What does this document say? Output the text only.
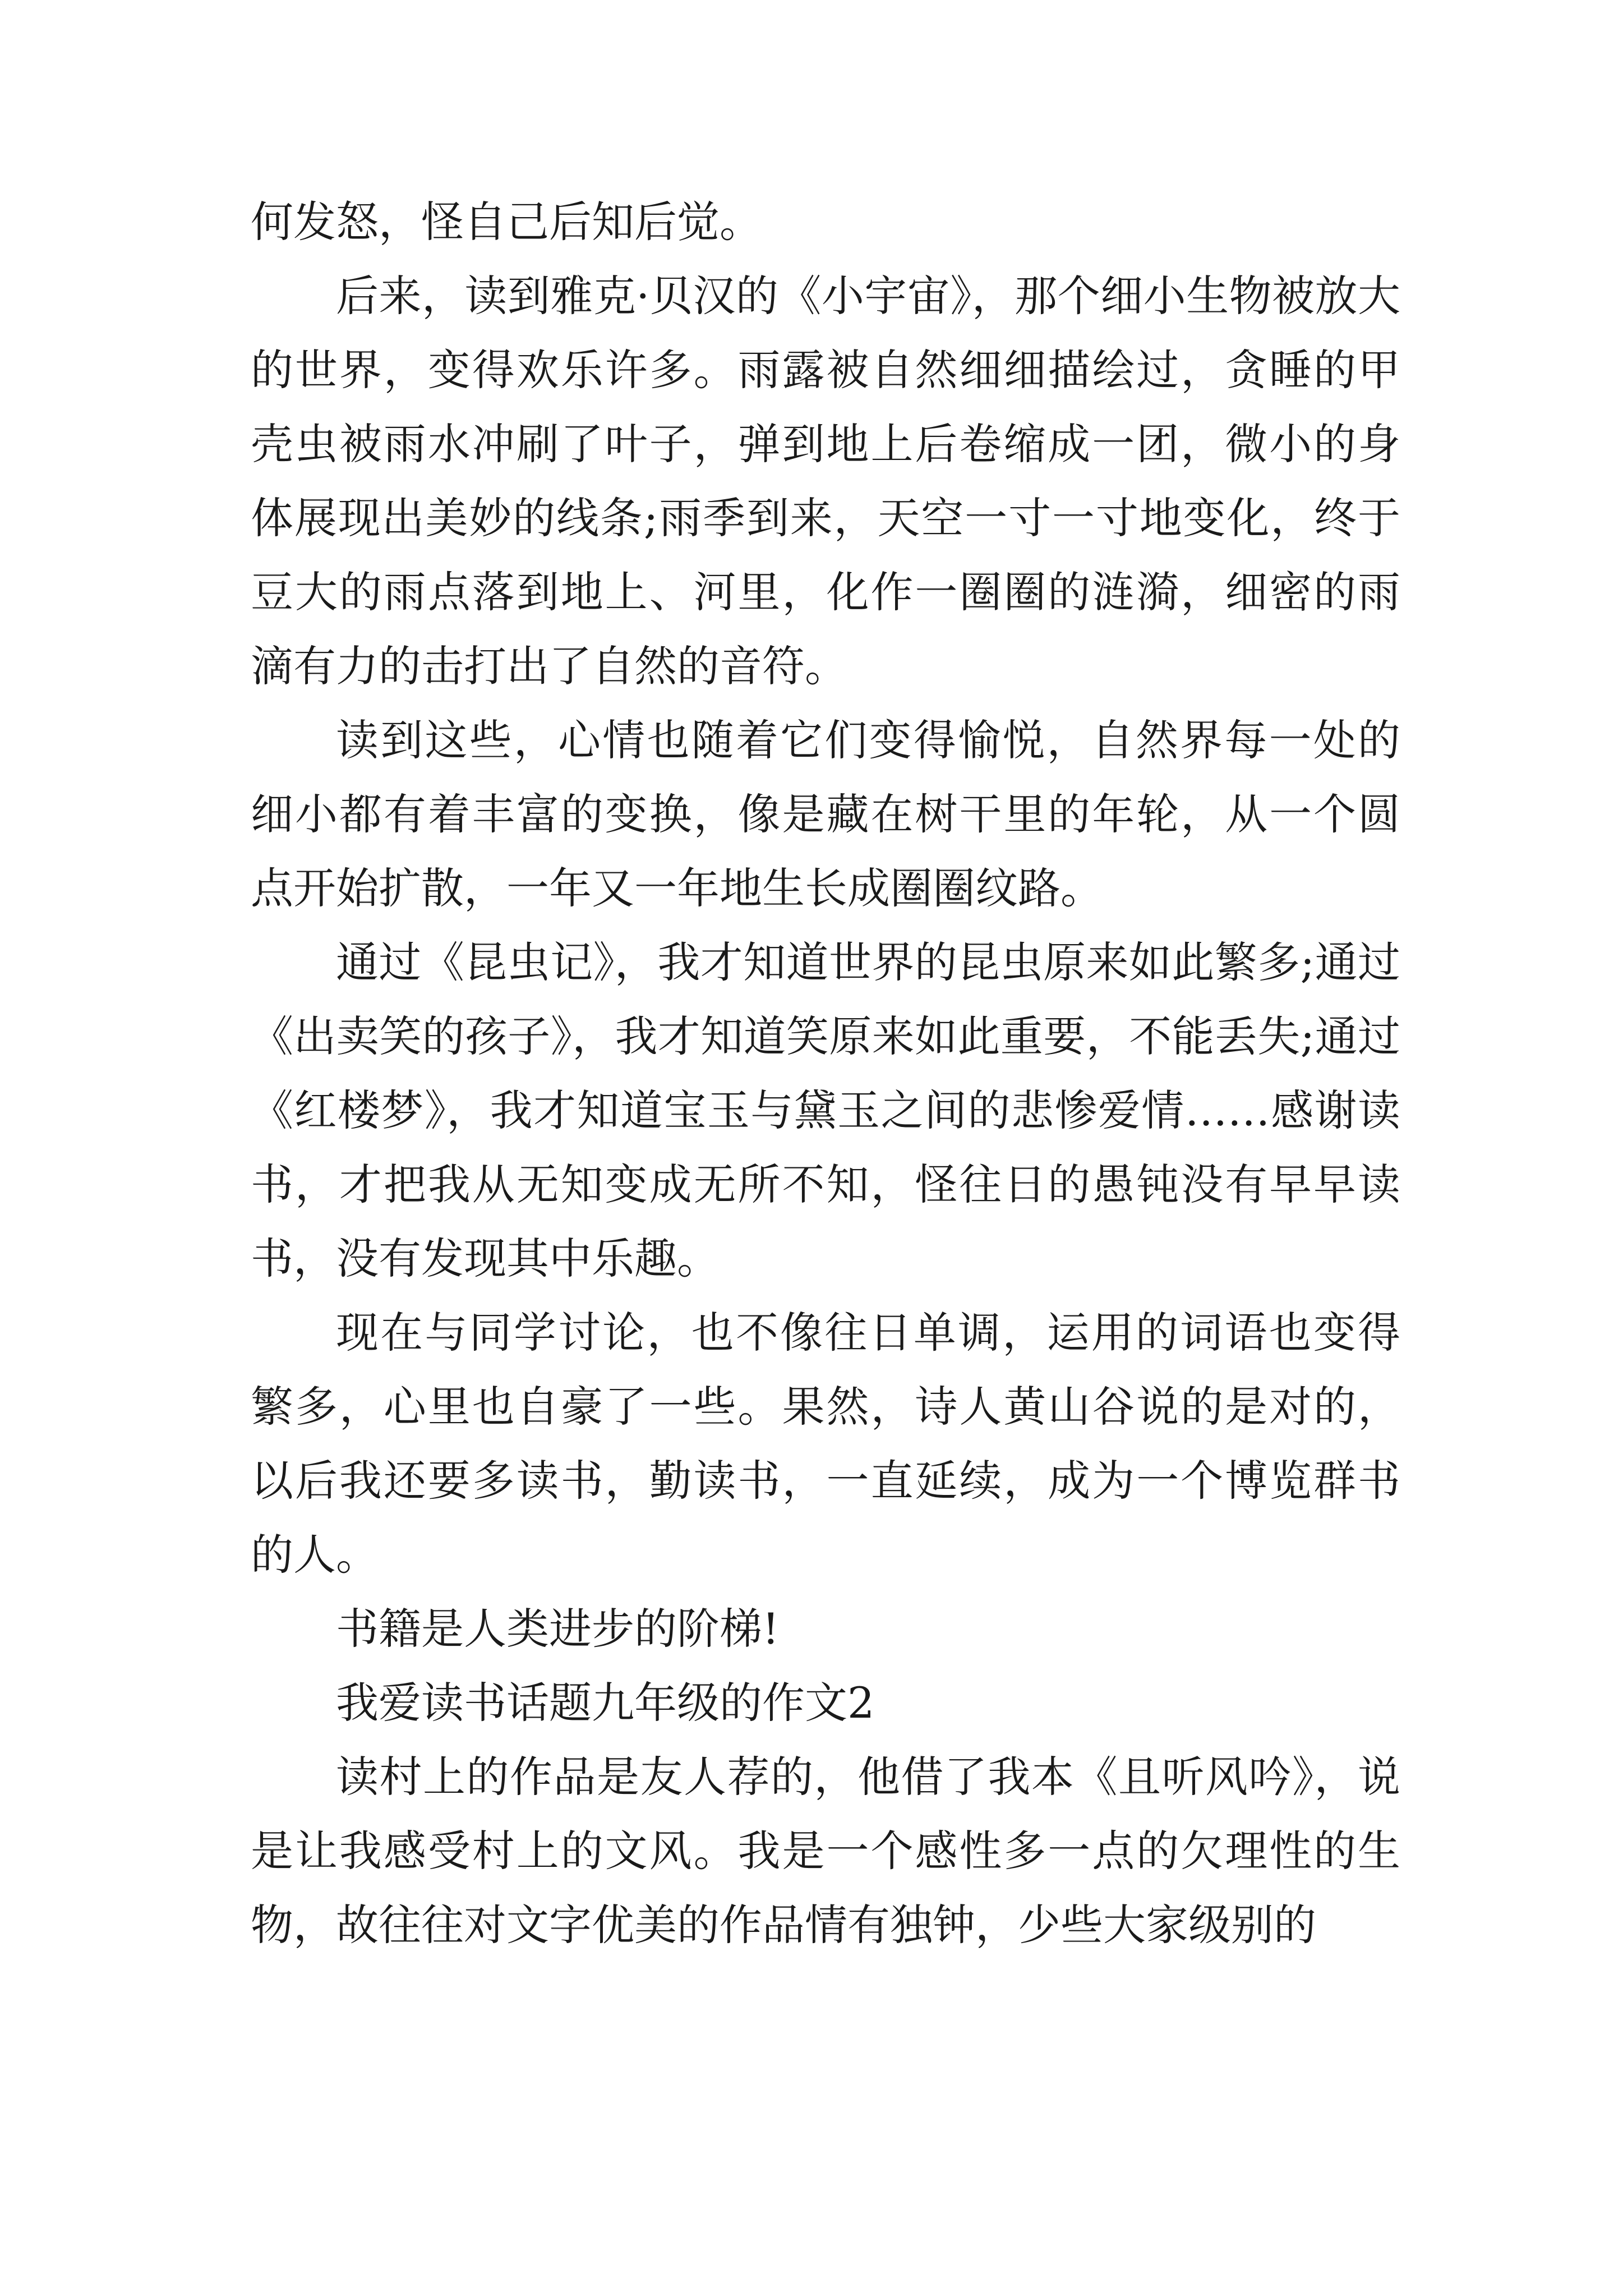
何发怒，怪自己后知后觉。

后来，读到雅克·贝汉的《小宇宙》，那个细小生物被放大的世界，变得欢乐许多。雨露被自然细细描绘过，贪睡的甲壳虫被雨水冲刷了叶子，弹到地上后卷缩成一团，微小的身体展现出美妙的线条;雨季到来，天空一寸一寸地变化，终于豆大的雨点落到地上、河里，化作一圈圈的涟漪，细密的雨滴有力的击打出了自然的音符。

读到这些，心情也随着它们变得愉悦，自然界每一处的细小都有着丰富的变换，像是藏在树干里的年轮，从一个圆点开始扩散，一年又一年地生长成圈圈纹路。

通过《昆虫记》，我才知道世界的昆虫原来如此繁多;通过《出卖笑的孩子》，我才知道笑原来如此重要，不能丢失;通过《红楼梦》，我才知道宝玉与黛玉之间的悲惨爱情……感谢读书，才把我从无知变成无所不知，怪往日的愚钝没有早早读书，没有发现其中乐趣。

现在与同学讨论，也不像往日单调，运用的词语也变得繁多，心里也自豪了一些。果然，诗人黄山谷说的是对的，以后我还要多读书，勤读书，一直延续，成为一个博览群书的人。

书籍是人类进步的阶梯!

我爱读书话题九年级的作文2

读村上的作品是友人荐的，他借了我本《且听风吟》，说是让我感受村上的文风。我是一个感性多一点的欠理性的生物，故往往对文字优美的作品情有独钟，少些大家级别的
